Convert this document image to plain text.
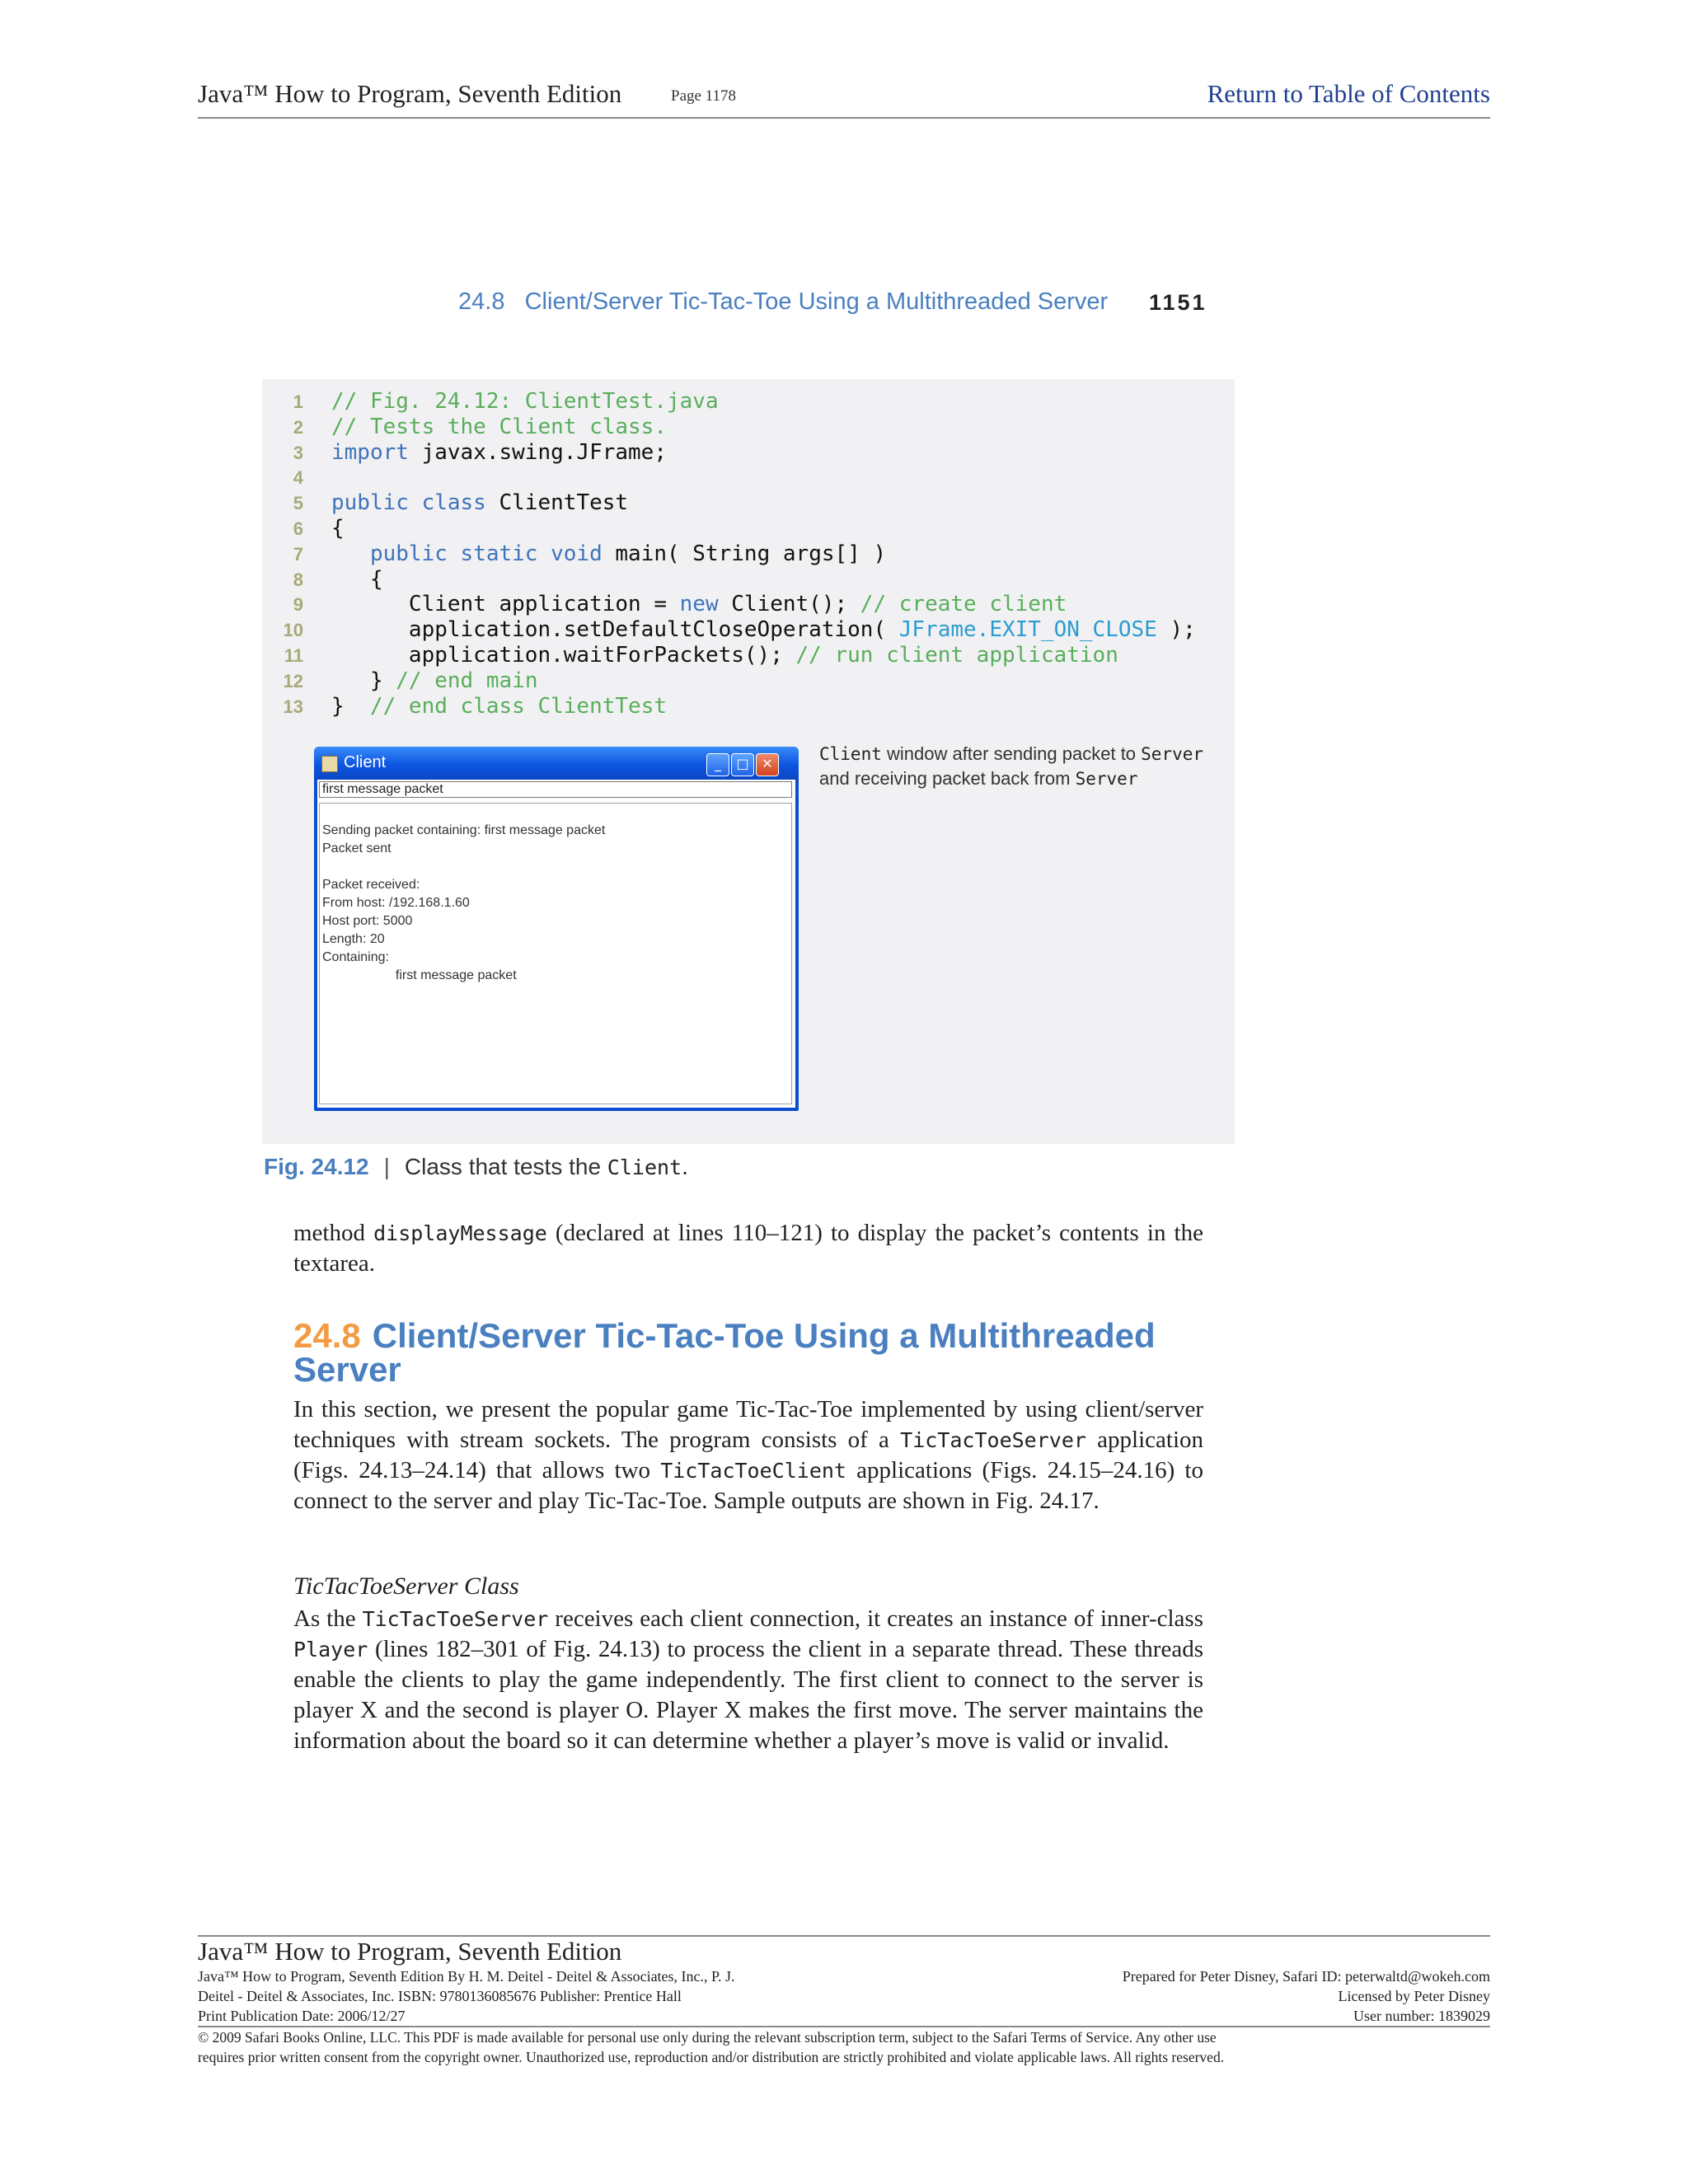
Java™ How to Program, Seventh Edition	Page 1178	Return to Table of Contents
24.8   Client/Server Tic-Tac-Toe Using a Multithreaded Server 1151
1 // Fig. 24.12: ClientTest.java
2 // Tests the Client class.
3 import javax.swing.JFrame;
4
5 public class ClientTest
6 {
7	public static void main( String args[] )
8 {
9 Client application = new Client(); // create client
10 application.setDefaultCloseOperation( JFrame.EXIT_ON_CLOSE );
11 application.waitForPackets(); // run client application
12 } // end main
13 }  // end class ClientTest
Client	_	□ ✕
first message packet
Sending packet containing: first message packet
Packet sent
Packet received:
From host: /192.168.1.60
Host port: 5000
Length: 20
Containing:
first message packet
Client window after sending packet to Server and receiving packet back from Server
Fig. 24.12 | Class that tests the Client.
method displayMessage (declared at lines 110–121) to display the packet’s contents in the textarea.
24.8 Client/Server Tic-Tac-Toe Using a Multithreaded Server
In this section, we present the popular game Tic-Tac-Toe implemented by using client/server techniques with stream sockets. The program consists of a TicTacToeServer application (Figs. 24.13–24.14) that allows two TicTacToeClient applications (Figs. 24.15–24.16) to connect to the server and play Tic-Tac-Toe. Sample outputs are shown in Fig. 24.17.
TicTacToeServer Class
As the TicTacToeServer receives each client connection, it creates an instance of inner-class Player (lines 182–301 of Fig. 24.13) to process the client in a separate thread. These threads enable the clients to play the game independently. The first client to connect to the server is player X and the second is player O. Player X makes the first move. The server maintains the information about the board so it can determine whether a player’s move is valid or invalid.
Java™ How to Program, Seventh Edition
Java™ How to Program, Seventh Edition By H. M. Deitel - Deitel & Associates, Inc., P. J.
Deitel - Deitel & Associates, Inc. ISBN: 9780136085676 Publisher: Prentice Hall
Print Publication Date: 2006/12/27
Prepared for Peter Disney, Safari ID: peterwaltd@wokeh.com
Licensed by Peter Disney
User number: 1839029
© 2009 Safari Books Online, LLC. This PDF is made available for personal use only during the relevant subscription term, subject to the Safari Terms of Service. Any other use
requires prior written consent from the copyright owner. Unauthorized use, reproduction and/or distribution are strictly prohibited and violate applicable laws. All rights reserved.
